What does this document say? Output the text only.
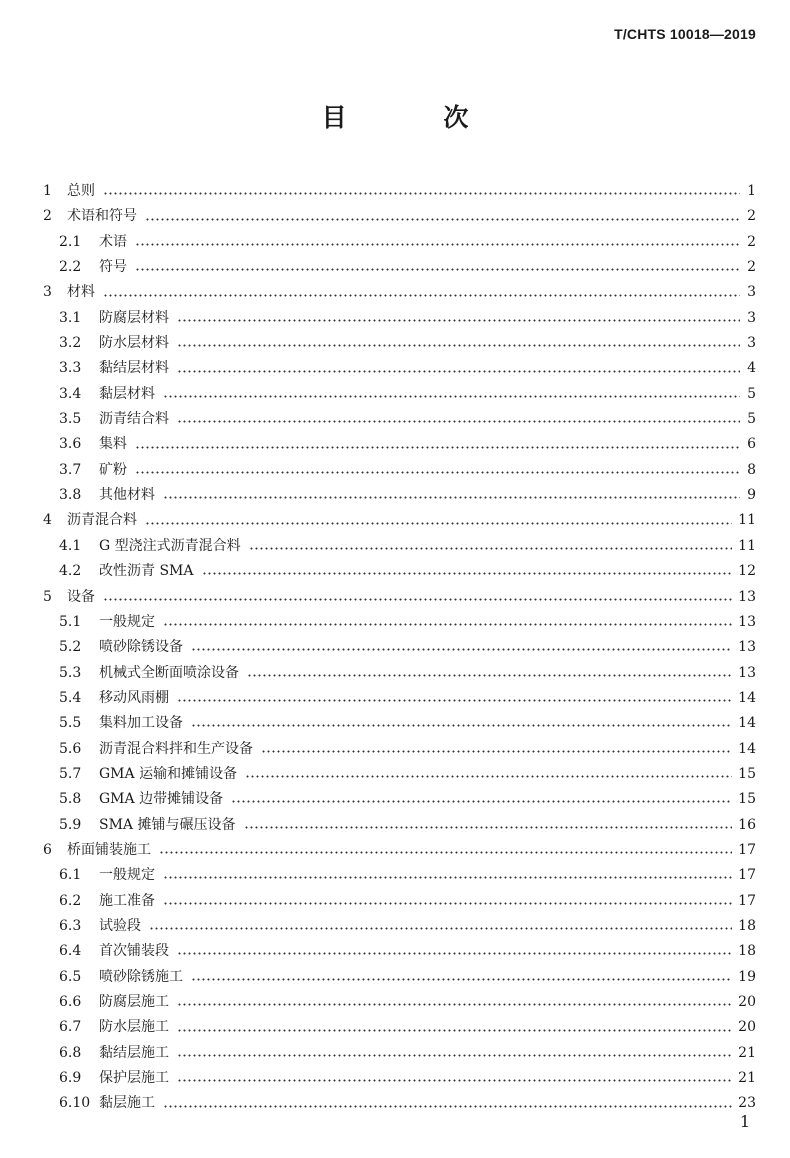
T/CHTS 10018—2019
目 次
1	总则	1
2	术语和符号	2
2.1	术语	2
2.2	符号	2
3	材料	3
3.1	防腐层材料	3
3.2	防水层材料	3
3.3	黏结层材料	4
3.4	黏层材料	5
3.5	沥青结合料	5
3.6	集料	6
3.7	矿粉	8
3.8	其他材料	9
4	沥青混合料	11
4.1	G 型浇注式沥青混合料	11
4.2	改性沥青 SMA	12
5	设备	13
5.1	一般规定	13
5.2	喷砂除锈设备	13
5.3	机械式全断面喷涂设备	13
5.4	移动风雨棚	14
5.5	集料加工设备	14
5.6	沥青混合料拌和生产设备	14
5.7	GMA 运输和摊铺设备	15
5.8	GMA 边带摊铺设备	15
5.9	SMA 摊铺与碾压设备	16
6	桥面铺装施工	17
6.1	一般规定	17
6.2	施工准备	17
6.3	试验段	18
6.4	首次铺装段	18
6.5	喷砂除锈施工	19
6.6	防腐层施工	20
6.7	防水层施工	20
6.8	黏结层施工	21
6.9	保护层施工	21
6.10 黏层施工	23
1
